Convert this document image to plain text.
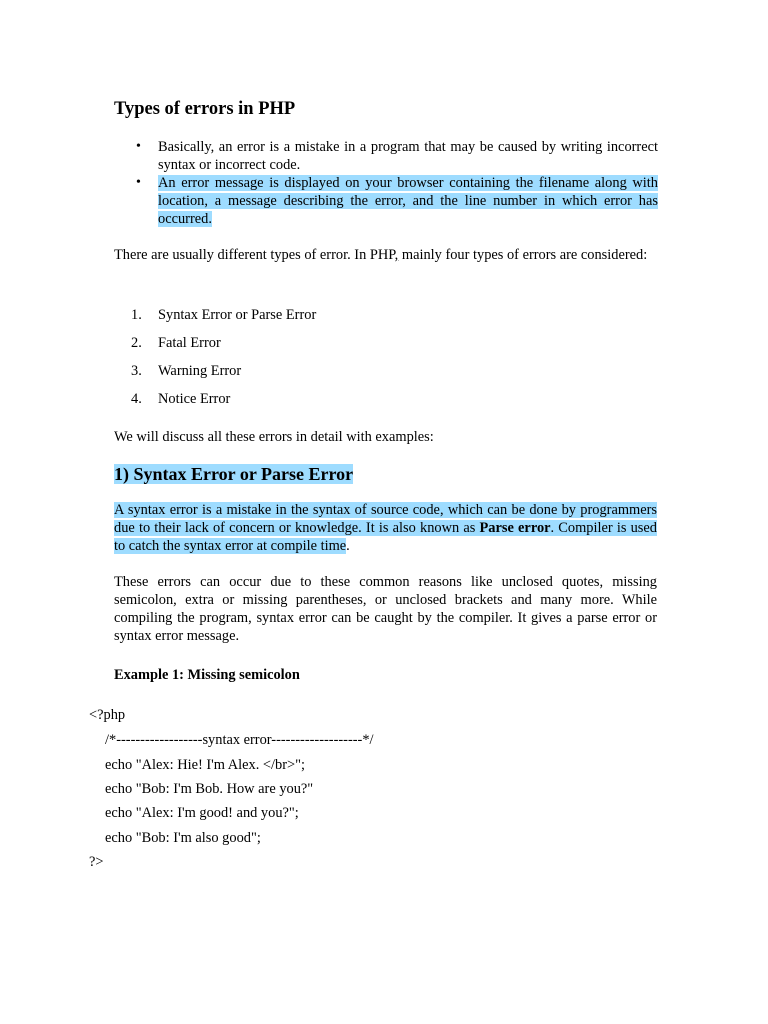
Types of errors in PHP
• Basically, an error is a mistake in a program that may be caused by writing incorrect syntax or incorrect code.
• An error message is displayed on your browser containing the filename along with location, a message describing the error, and the line number in which error has occurred.

There are usually different types of error. In PHP, mainly four types of errors are considered:

1. Syntax Error or Parse Error
2. Fatal Error
3. Warning Error
4. Notice Error

We will discuss all these errors in detail with examples:

1) Syntax Error or Parse Error

A syntax error is a mistake in the syntax of source code, which can be done by programmers due to their lack of concern or knowledge. It is also known as Parse error. Compiler is used to catch the syntax error at compile time.

These errors can occur due to these common reasons like unclosed quotes, missing semicolon, extra or missing parentheses, or unclosed brackets and many more. While compiling the program, syntax error can be caught by the compiler. It gives a parse error or syntax error message.

Example 1: Missing semicolon

<?php
/*------------------syntax error-------------------*/
echo "Alex: Hie! I'm Alex. </br>";
echo "Bob: I'm Bob. How are you?"
echo "Alex: I'm good! and you?";
echo "Bob: I'm also good";
?>
